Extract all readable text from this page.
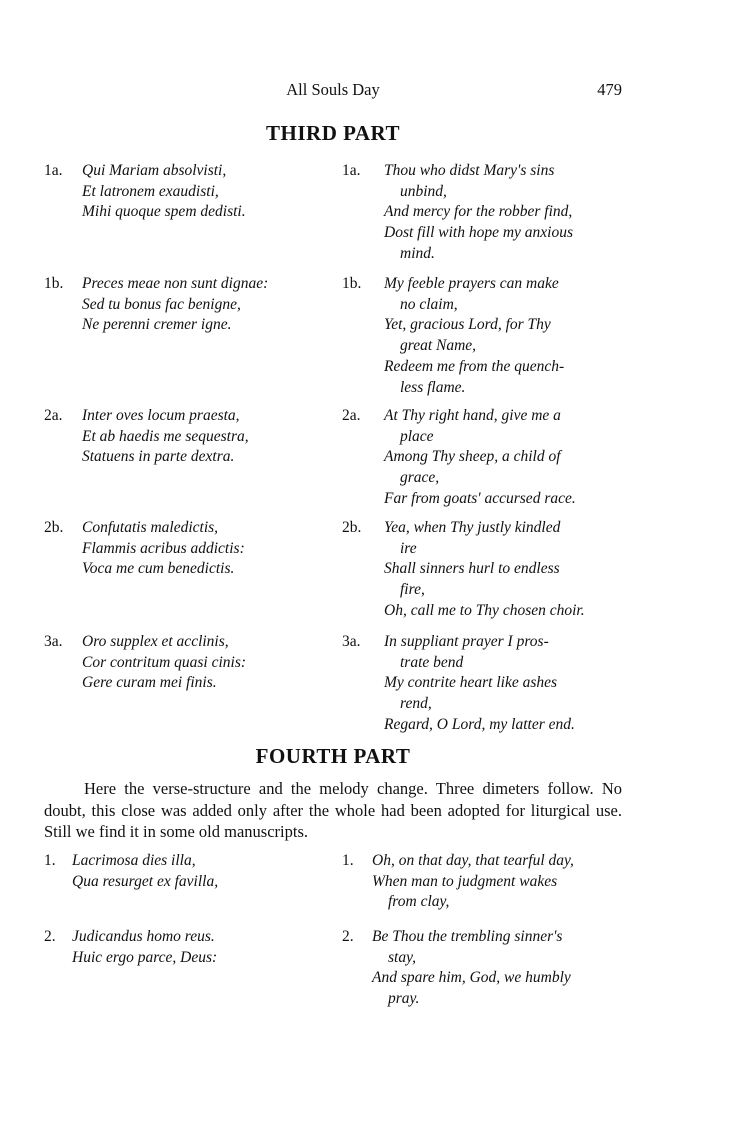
All Souls Day	479
THIRD PART
1a. Qui Mariam absolvisti,
Et latronem exaudisti,
Mihi quoque spem dedisti.
1b. Preces meae non sunt dignae:
Sed tu bonus fac benigne,
Ne perenni cremer igne.
2a. Inter oves locum praesta,
Et ab haedis me sequestra,
Statuens in parte dextra.
2b. Confutatis maledictis,
Flammis acribus addictis:
Voca me cum benedictis.
3a. Oro supplex et acclinis,
Cor contritum quasi cinis:
Gere curam mei finis.
1a. Thou who didst Mary's sins
unbind,
And mercy for the robber find,
Dost fill with hope my anxious
mind.
1b. My feeble prayers can make
no claim,
Yet, gracious Lord, for Thy
great Name,
Redeem me from the quench-
less flame.
2a. At Thy right hand, give me a
place
Among Thy sheep, a child of
grace,
Far from goats' accursed race.
2b. Yea, when Thy justly kindled
ire
Shall sinners hurl to endless
fire,
Oh, call me to Thy chosen choir.
3a. In suppliant prayer I pros-
trate bend
My contrite heart like ashes
rend,
Regard, O Lord, my latter end.
FOURTH PART

Here the verse-structure and the melody change. Three dimeters follow. No doubt, this close was added only after the whole had been adopted for liturgical use. Still we find it in some old manuscripts.

1. Lacrimosa dies illa,
Qua resurget ex favilla,
2. Judicandus homo reus.
Huic ergo parce, Deus:
1. Oh, on that day, that tearful day,
When man to judgment wakes
from clay,
2. Be Thou the trembling sinner's
stay,
And spare him, God, we humbly
pray.
